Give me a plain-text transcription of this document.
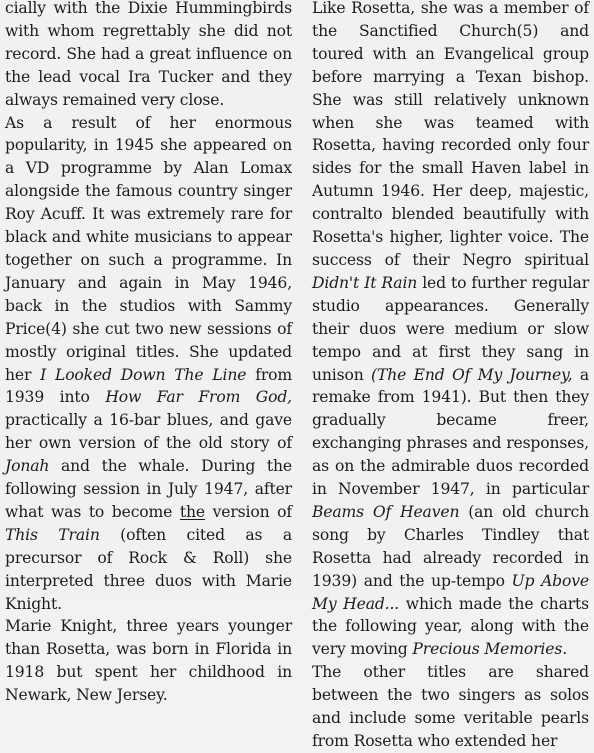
cially with the Dixie Hummingbirds with whom regrettably she did not record. She had a great influence on the lead vocal Ira Tucker and they always remained very close.

As a result of her enormous popularity, in 1945 she appeared on a VD programme by Alan Lomax alongside the famous country singer Roy Acuff. It was extremely rare for black and white musicians to appear together on such a programme. In January and again in May 1946, back in the studios with Sammy Price(4) she cut two new sessions of mostly original titles. She updated her I Looked Down The Line from 1939 into How Far From God, practically a 16-bar blues, and gave her own version of the old story of Jonah and the whale. During the following session in July 1947, after what was to become the version of This Train (often cited as a precursor of Rock & Roll) she interpreted three duos with Marie Knight.

Marie Knight, three years younger than Rosetta, was born in Florida in 1918 but spent her childhood in Newark, New Jersey.

Like Rosetta, she was a member of the Sanctified Church(5) and toured with an Evangelical group before marrying a Texan bishop. She was still relatively unknown when she was teamed with Rosetta, having recorded only four sides for the small Haven label in Autumn 1946. Her deep, majestic, contralto blended beautifully with Rosetta's higher, lighter voice. The success of their Negro spiritual Didn't It Rain led to further regular studio appearances. Generally their duos were medium or slow tempo and at first they sang in unison (The End Of My Journey, a remake from 1941). But then they gradually became freer, exchanging phrases and responses, as on the admirable duos recorded in November 1947, in particular Beams Of Heaven (an old church song by Charles Tindley that Rosetta had already recorded in 1939) and the up-tempo Up Above My Head... which made the charts the following year, along with the very moving Precious Memories.

The other titles are shared between the two singers as solos and include some veritable pearls from Rosetta who extended her
